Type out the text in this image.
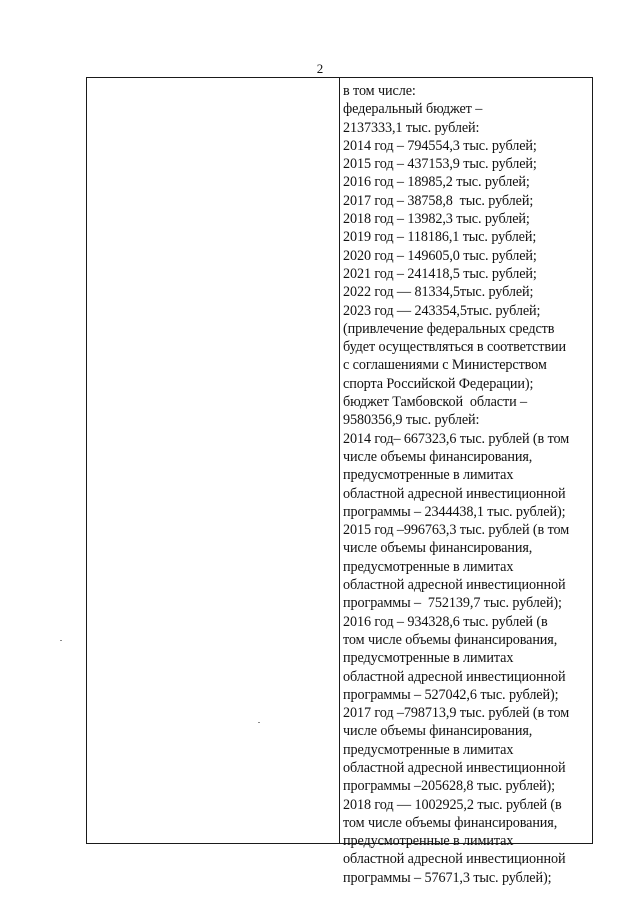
2
в том числе:
федеральный бюджет –
2137333,1 тыс. рублей:
2014 год – 794554,3 тыс. рублей;
2015 год – 437153,9 тыс. рублей;
2016 год – 18985,2 тыс. рублей;
2017 год – 38758,8  тыс. рублей;
2018 год – 13982,3 тыс. рублей;
2019 год – 118186,1 тыс. рублей;
2020 год – 149605,0 тыс. рублей;
2021 год – 241418,5 тыс. рублей;
2022 год — 81334,5тыс. рублей;
2023 год — 243354,5тыс. рублей;
(привлечение федеральных средств
будет осуществляться в соответствии
с соглашениями с Министерством
спорта Российской Федерации);
бюджет Тамбовской  области –
9580356,9 тыс. рублей:
2014 год– 667323,6 тыс. рублей (в том
числе объемы финансирования,
предусмотренные в лимитах
областной адресной инвестиционной
программы – 2344438,1 тыс. рублей);
2015 год –996763,3 тыс. рублей (в том
числе объемы финансирования,
предусмотренные в лимитах
областной адресной инвестиционной
программы –  752139,7 тыс. рублей);
2016 год – 934328,6 тыс. рублей (в
том числе объемы финансирования,
предусмотренные в лимитах
областной адресной инвестиционной
программы – 527042,6 тыс. рублей);
2017 год –798713,9 тыс. рублей (в том
числе объемы финансирования,
предусмотренные в лимитах
областной адресной инвестиционной
программы –205628,8 тыс. рублей);
2018 год — 1002925,2 тыс. рублей (в
том числе объемы финансирования,
предусмотренные в лимитах
областной адресной инвестиционной
программы – 57671,3 тыс. рублей);
